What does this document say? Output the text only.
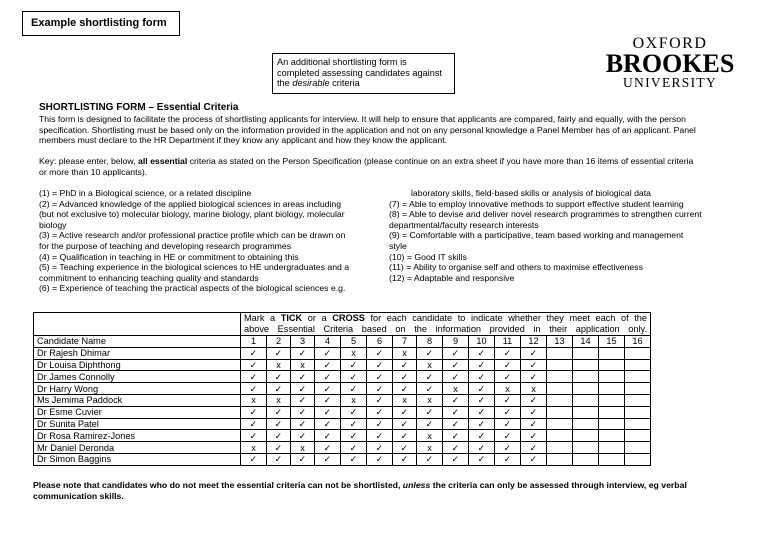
Example shortlisting form
An additional shortlisting form is
completed assessing candidates against
the desirable criteria
OXFORD
BROOKES
UNIVERSITY
SHORTLISTING FORM – Essential Criteria
This form is designed to facilitate the process of shortlisting applicants for interview. It will help to ensure that applicants are compared, fairly and equally, with the person
specification. Shortlisting must be based only on the information provided in the application and not on any personal knowledge a Panel Member has of an applicant. Panel
members must declare to the HR Department if they know any applicant and how they know the applicant.
Key: please enter, below, all essential criteria as stated on the Person Specification (please continue on an extra sheet if you have more than 16 items of essential criteria
or more than 10 applicants).

(1) = PhD in a Biological science, or a related discipline

(2) = Advanced knowledge of the applied biological sciences in areas including

(but not exclusive to) molecular biology, marine biology, plant biology, molecular

biology

(3) = Active research and/or professional practice profile which can be drawn on

for the purpose of teaching and developing research programmes

(4) = Qualification in teaching in HE or commitment to obtaining this

(5) = Teaching experience in the biological sciences to HE undergraduates and a

commitment to enhancing teaching quality and standards

(6) = Experience of teaching the practical aspects of the biological sciences e.g.

laboratory skills, field-based skills or analysis of biological data

(7) = Able to employ innovative methods to support effective student learning

(8) = Able to devise and deliver novel research programmes to strengthen current

departmental/faculty research interests

(9) = Comfortable with a participative, team based working and management

style

(10) = Good IT skills

(11) = Ability to organise self and others to maximise effectiveness

(12) = Adaptable and responsive

	Mark a TICK or a CROSS for each candidate to indicate whether they meet each of the
above Essential Criteria based on the information provided in their application only.															

Candidate Name	1	2	3	4	5	6	7	8	9	10	11	12	13	14	15	16
Dr Rajesh Dhimar	✓	✓	✓	✓	x	✓	x	✓	✓	✓	✓	✓				
Dr Louisa Diphthong	✓	x	x	✓	✓	✓	✓	x	✓	✓	✓	✓				
Dr James Connolly	✓	✓	✓	✓	✓	✓	✓	✓	✓	✓	✓	✓				
Dr Harry Wong	✓	✓	✓	✓	✓	✓	✓	✓	x	✓	x	x				
Ms Jemima Paddock	x	x	✓	✓	x	✓	x	x	✓	✓	✓	✓				
Dr Esme Cuvier	✓	✓	✓	✓	✓	✓	✓	✓	✓	✓	✓	✓				
Dr Sunita Patel	✓	✓	✓	✓	✓	✓	✓	✓	✓	✓	✓	✓				
Dr Rosa Ramirez-Jones	✓	✓	✓	✓	✓	✓	✓	x	✓	✓	✓	✓				
Mr Daniel Deronda	x	✓	x	✓	✓	✓	✓	x	✓	✓	✓	✓				
Dr Simon Baggins	✓	✓	✓	✓	✓	✓	✓	✓	✓	✓	✓	✓				
Please note that candidates who do not meet the essential criteria can not be shortlisted, unless the criteria can only be assessed through interview, eg verbal
communication skills.
